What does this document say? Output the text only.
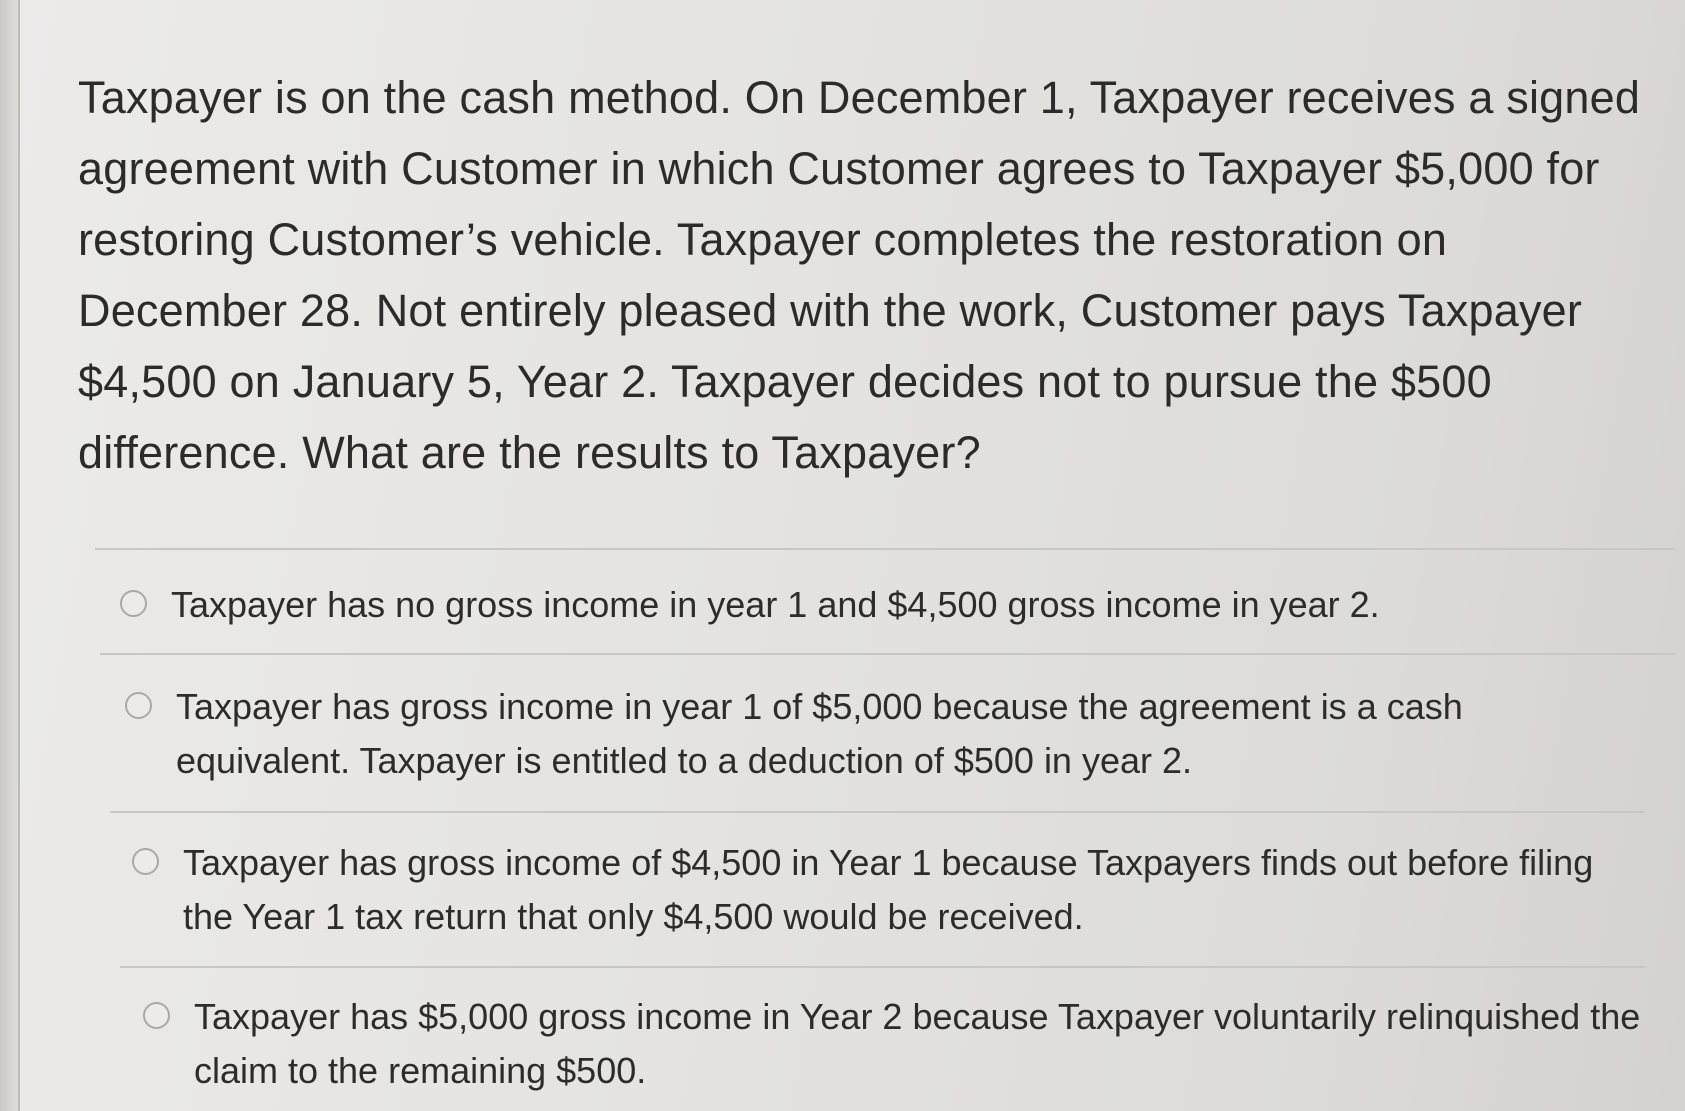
Taxpayer is on the cash method. On December 1, Taxpayer receives a signed agreement with Customer in which Customer agrees to Taxpayer $5,000 for restoring Customer’s vehicle. Taxpayer completes the restoration on December 28. Not entirely pleased with the work, Customer pays Taxpayer $4,500 on January 5, Year 2. Taxpayer decides not to pursue the $500 difference. What are the results to Taxpayer?
Taxpayer has no gross income in year 1 and $4,500 gross income in year 2.
Taxpayer has gross income in year 1 of $5,000 because the agreement is a cash equivalent. Taxpayer is entitled to a deduction of $500 in year 2.
Taxpayer has gross income of $4,500 in Year 1 because Taxpayers finds out before filing the Year 1 tax return that only $4,500 would be received.
Taxpayer has $5,000 gross income in Year 2 because Taxpayer voluntarily relinquished the claim to the remaining $500.
